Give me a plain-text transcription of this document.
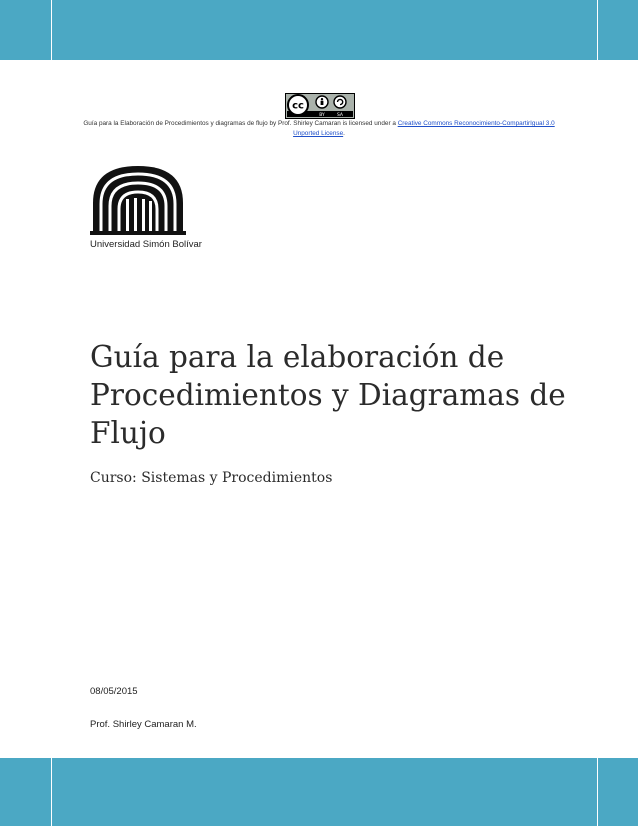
cc
BY	SA
Guía para la Elaboración de Procedimientos y diagramas de flujo by Prof. Shirley Camaran is licensed under a Creative Commons Reconocimiento-CompartirIgual 3.0 Unported License.
Universidad Simón Bolívar
Guía para la elaboración de Procedimientos y Diagramas de Flujo
Curso: Sistemas y Procedimientos
08/05/2015
Prof. Shirley Camaran M.
